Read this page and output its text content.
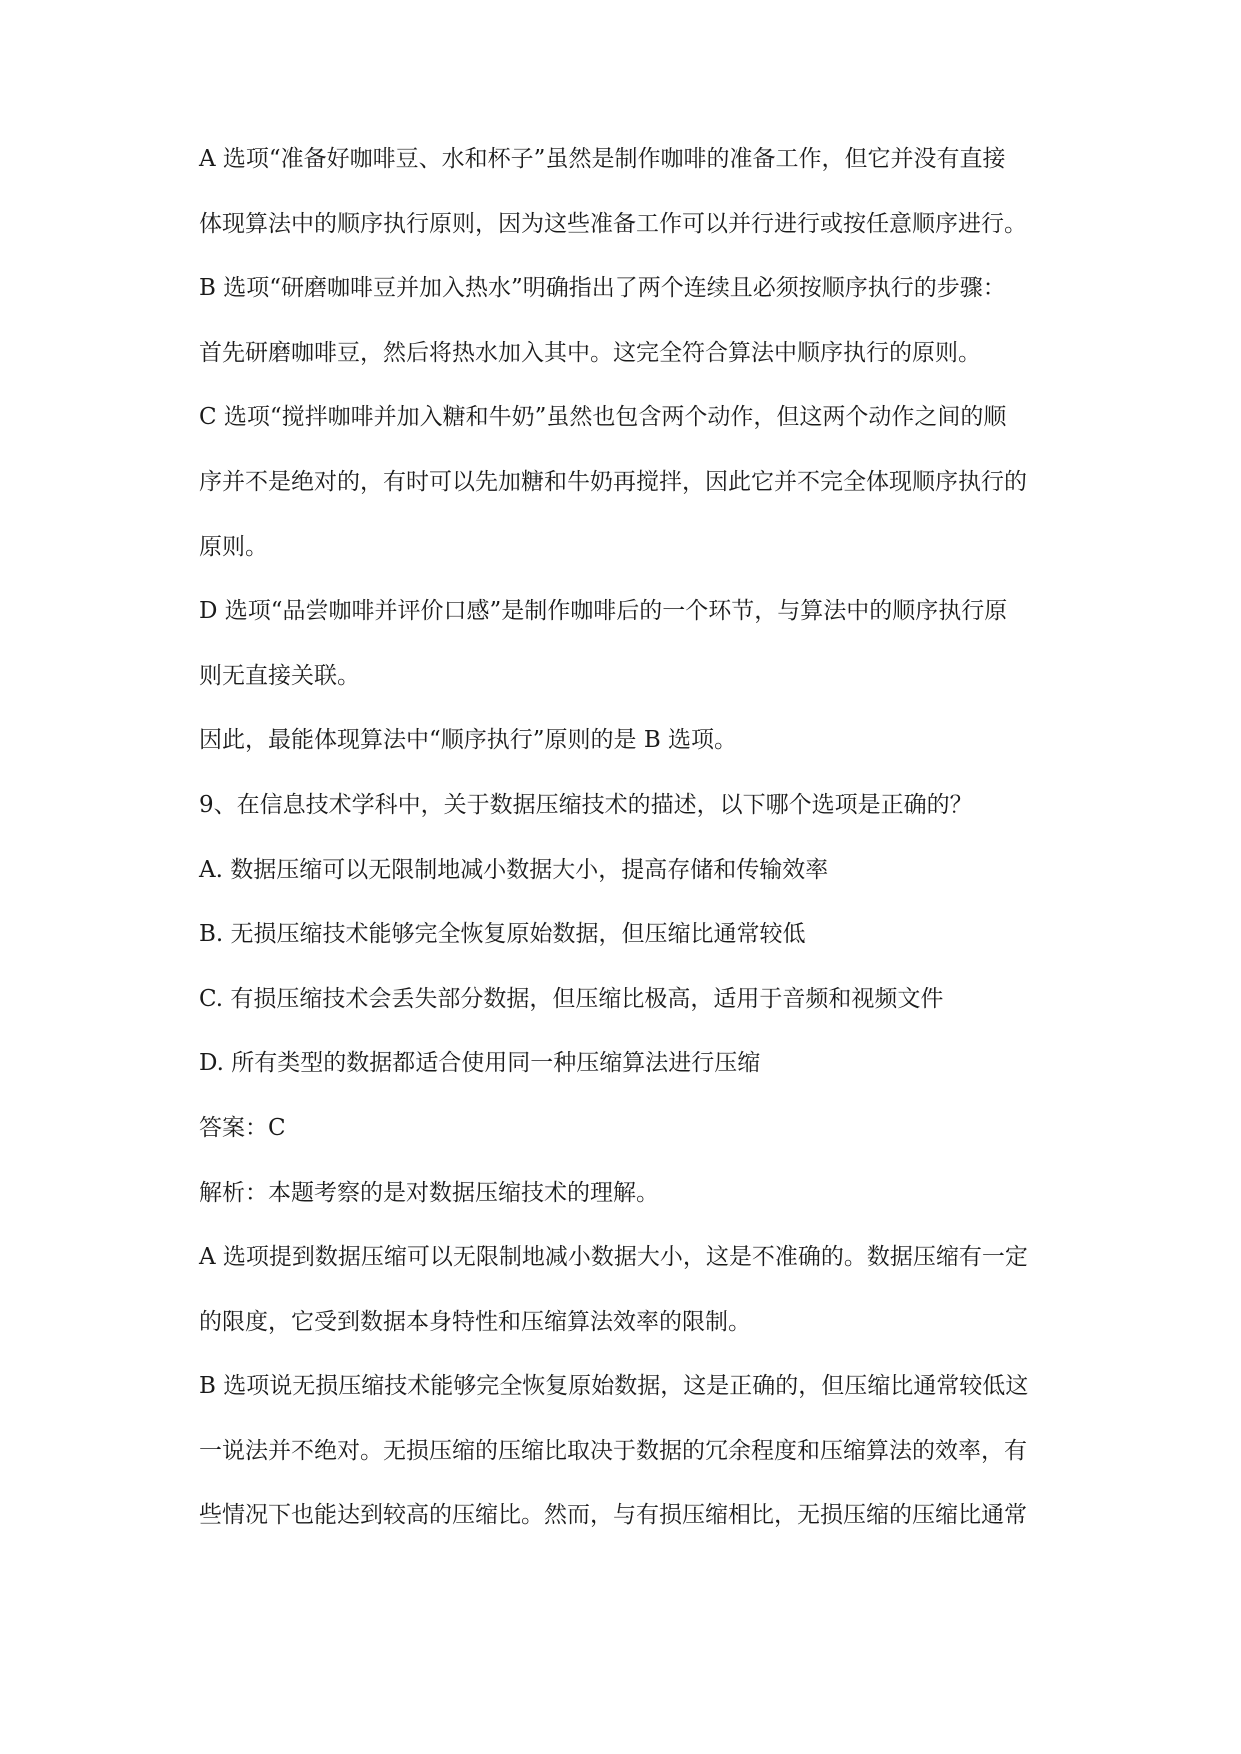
A 选项“准备好咖啡豆、水和杯子”虽然是制作咖啡的准备工作，但它并没有直接
体现算法中的顺序执行原则，因为这些准备工作可以并行进行或按任意顺序进行。
B 选项“研磨咖啡豆并加入热水”明确指出了两个连续且必须按顺序执行的步骤：
首先研磨咖啡豆，然后将热水加入其中。这完全符合算法中顺序执行的原则。
C 选项“搅拌咖啡并加入糖和牛奶”虽然也包含两个动作，但这两个动作之间的顺
序并不是绝对的，有时可以先加糖和牛奶再搅拌，因此它并不完全体现顺序执行的
原则。
D 选项“品尝咖啡并评价口感”是制作咖啡后的一个环节，与算法中的顺序执行原
则无直接关联。
因此，最能体现算法中“顺序执行”原则的是 B 选项。
9、在信息技术学科中，关于数据压缩技术的描述，以下哪个选项是正确的？
A. 数据压缩可以无限制地减小数据大小，提高存储和传输效率
B. 无损压缩技术能够完全恢复原始数据，但压缩比通常较低
C. 有损压缩技术会丢失部分数据，但压缩比极高，适用于音频和视频文件
D. 所有类型的数据都适合使用同一种压缩算法进行压缩
答案：C
解析：本题考察的是对数据压缩技术的理解。
A 选项提到数据压缩可以无限制地减小数据大小，这是不准确的。数据压缩有一定
的限度，它受到数据本身特性和压缩算法效率的限制。
B 选项说无损压缩技术能够完全恢复原始数据，这是正确的，但压缩比通常较低这
一说法并不绝对。无损压缩的压缩比取决于数据的冗余程度和压缩算法的效率，有
些情况下也能达到较高的压缩比。然而，与有损压缩相比，无损压缩的压缩比通常
